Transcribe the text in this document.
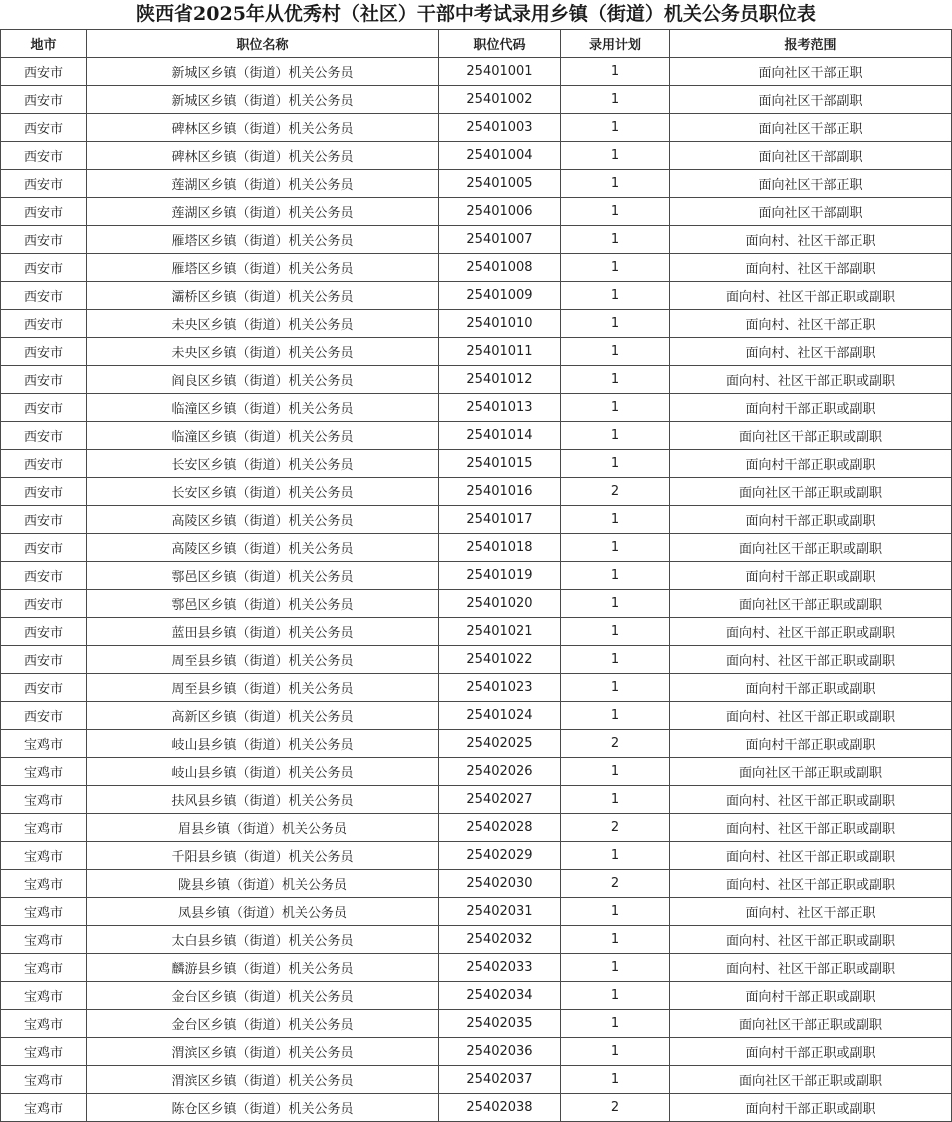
陕西省2025年从优秀村（社区）干部中考试录用乡镇（街道）机关公务员职位表
地市	职位名称	职位代码	录用计划	报考范围
西安市	新城区乡镇（街道）机关公务员	25401001	1	面向社区干部正职
西安市	新城区乡镇（街道）机关公务员	25401002	1	面向社区干部副职
西安市	碑林区乡镇（街道）机关公务员	25401003	1	面向社区干部正职
西安市	碑林区乡镇（街道）机关公务员	25401004	1	面向社区干部副职
西安市	莲湖区乡镇（街道）机关公务员	25401005	1	面向社区干部正职
西安市	莲湖区乡镇（街道）机关公务员	25401006	1	面向社区干部副职
西安市	雁塔区乡镇（街道）机关公务员	25401007	1	面向村、社区干部正职
西安市	雁塔区乡镇（街道）机关公务员	25401008	1	面向村、社区干部副职
西安市	灞桥区乡镇（街道）机关公务员	25401009	1	面向村、社区干部正职或副职
西安市	未央区乡镇（街道）机关公务员	25401010	1	面向村、社区干部正职
西安市	未央区乡镇（街道）机关公务员	25401011	1	面向村、社区干部副职
西安市	阎良区乡镇（街道）机关公务员	25401012	1	面向村、社区干部正职或副职
西安市	临潼区乡镇（街道）机关公务员	25401013	1	面向村干部正职或副职
西安市	临潼区乡镇（街道）机关公务员	25401014	1	面向社区干部正职或副职
西安市	长安区乡镇（街道）机关公务员	25401015	1	面向村干部正职或副职
西安市	长安区乡镇（街道）机关公务员	25401016	2	面向社区干部正职或副职
西安市	高陵区乡镇（街道）机关公务员	25401017	1	面向村干部正职或副职
西安市	高陵区乡镇（街道）机关公务员	25401018	1	面向社区干部正职或副职
西安市	鄠邑区乡镇（街道）机关公务员	25401019	1	面向村干部正职或副职
西安市	鄠邑区乡镇（街道）机关公务员	25401020	1	面向社区干部正职或副职
西安市	蓝田县乡镇（街道）机关公务员	25401021	1	面向村、社区干部正职或副职
西安市	周至县乡镇（街道）机关公务员	25401022	1	面向村、社区干部正职或副职
西安市	周至县乡镇（街道）机关公务员	25401023	1	面向村干部正职或副职
西安市	高新区乡镇（街道）机关公务员	25401024	1	面向村、社区干部正职或副职
宝鸡市	岐山县乡镇（街道）机关公务员	25402025	2	面向村干部正职或副职
宝鸡市	岐山县乡镇（街道）机关公务员	25402026	1	面向社区干部正职或副职
宝鸡市	扶风县乡镇（街道）机关公务员	25402027	1	面向村、社区干部正职或副职
宝鸡市	眉县乡镇（街道）机关公务员	25402028	2	面向村、社区干部正职或副职
宝鸡市	千阳县乡镇（街道）机关公务员	25402029	1	面向村、社区干部正职或副职
宝鸡市	陇县乡镇（街道）机关公务员	25402030	2	面向村、社区干部正职或副职
宝鸡市	凤县乡镇（街道）机关公务员	25402031	1	面向村、社区干部正职
宝鸡市	太白县乡镇（街道）机关公务员	25402032	1	面向村、社区干部正职或副职
宝鸡市	麟游县乡镇（街道）机关公务员	25402033	1	面向村、社区干部正职或副职
宝鸡市	金台区乡镇（街道）机关公务员	25402034	1	面向村干部正职或副职
宝鸡市	金台区乡镇（街道）机关公务员	25402035	1	面向社区干部正职或副职
宝鸡市	渭滨区乡镇（街道）机关公务员	25402036	1	面向村干部正职或副职
宝鸡市	渭滨区乡镇（街道）机关公务员	25402037	1	面向社区干部正职或副职
宝鸡市	陈仓区乡镇（街道）机关公务员	25402038	2	面向村干部正职或副职
